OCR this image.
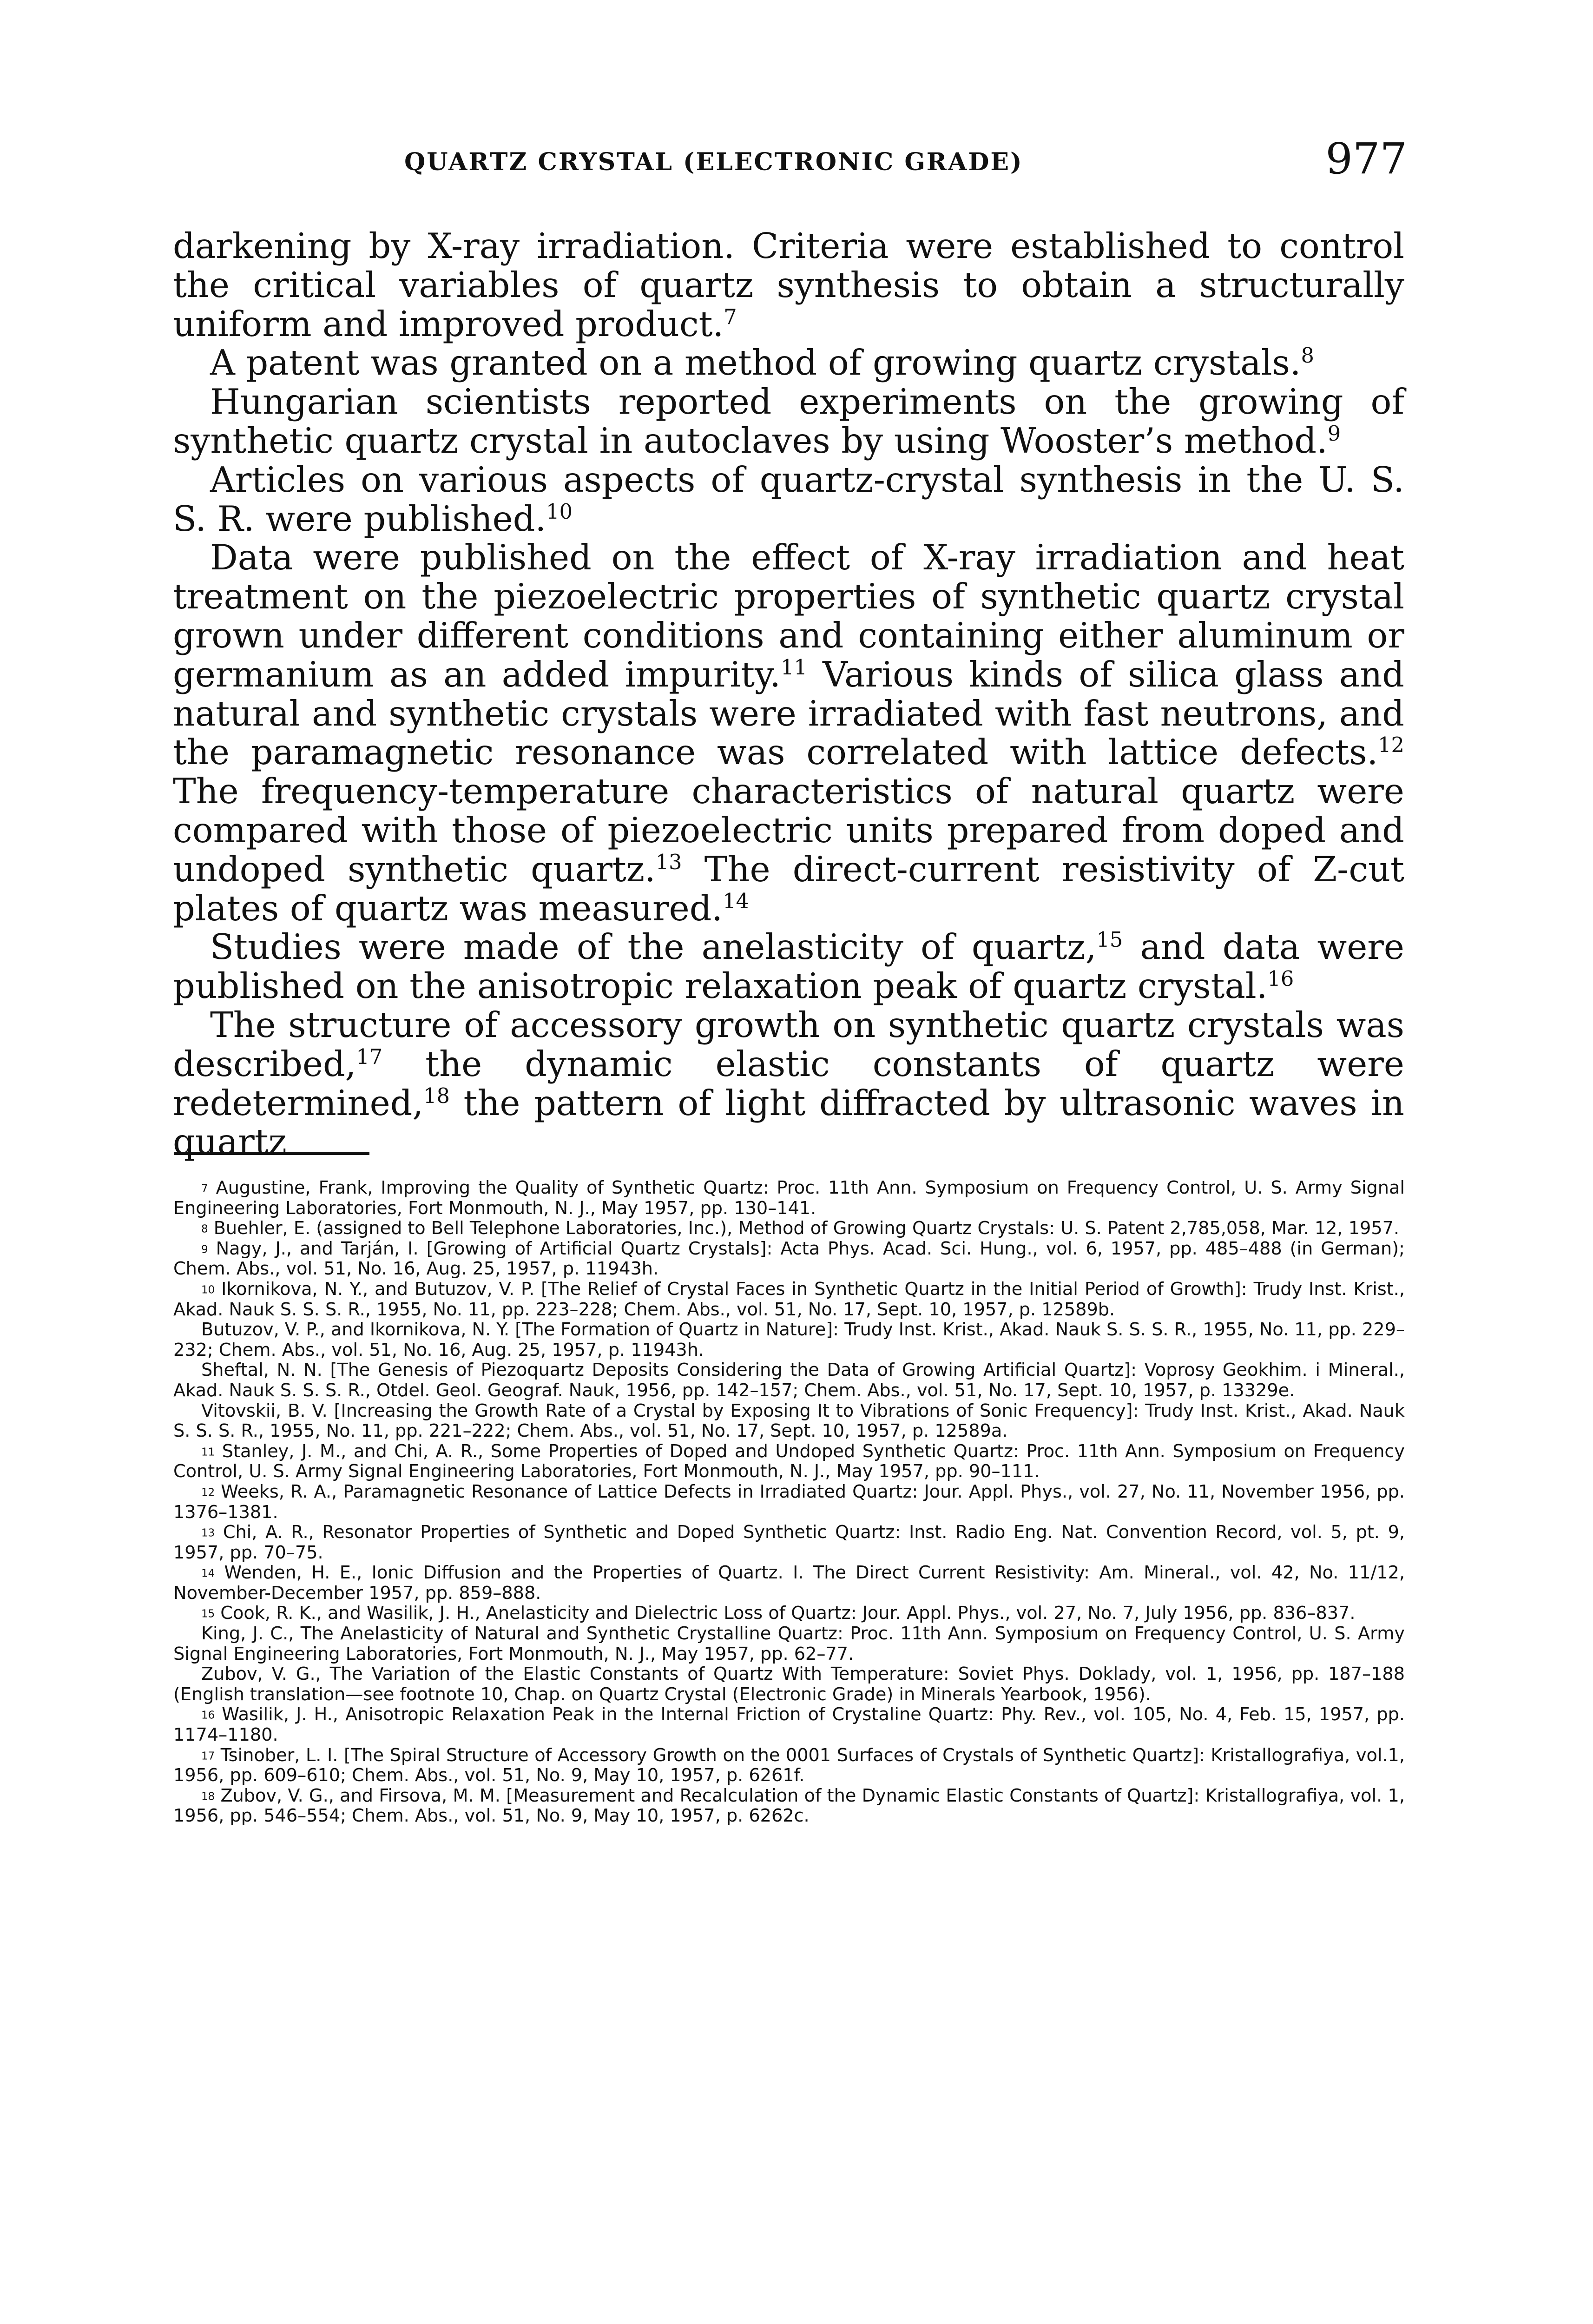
QUARTZ CRYSTAL (ELECTRONIC GRADE)	977

darkening by X-ray irradiation. Criteria were established to control the critical variables of quartz synthesis to obtain a structurally uniform and improved product.$^7$

A patent was granted on a method of growing quartz crystals.$^8$

Hungarian scientists reported experiments on the growing of synthetic quartz crystal in autoclaves by using Wooster’s method.$^9$

Articles on various aspects of quartz-crystal synthesis in the U. S. S. R. were published.$^{10}$

Data were published on the effect of X-ray irradiation and heat treatment on the piezoelectric properties of synthetic quartz crystal grown under different conditions and containing either aluminum or germanium as an added impurity.$^{11}$ Various kinds of silica glass and natural and synthetic crystals were irradiated with fast neutrons, and the paramagnetic resonance was correlated with lattice defects.$^{12}$ The frequency-temperature characteristics of natural quartz were compared with those of piezoelectric units prepared from doped and undoped synthetic quartz.$^{13}$ The direct-current resistivity of Z-cut plates of quartz was measured.$^{14}$

Studies were made of the anelasticity of quartz,$^{15}$ and data were published on the anisotropic relaxation peak of quartz crystal.$^{16}$

The structure of accessory growth on synthetic quartz crystals was described,$^{17}$ the dynamic elastic constants of quartz were redetermined,$^{18}$ the pattern of light diffracted by ultrasonic waves in quartz

7 Augustine, Frank, Improving the Quality of Synthetic Quartz: Proc. 11th Ann. Symposium on Frequency Control, U. S. Army Signal Engineering Laboratories, Fort Monmouth, N. J., May 1957, pp. 130–141.

8 Buehler, E. (assigned to Bell Telephone Laboratories, Inc.), Method of Growing Quartz Crystals: U. S. Patent 2,785,058, Mar. 12, 1957.

9 Nagy, J., and Tarján, I. [Growing of Artificial Quartz Crystals]: Acta Phys. Acad. Sci. Hung., vol. 6, 1957, pp. 485–488 (in German); Chem. Abs., vol. 51, No. 16, Aug. 25, 1957, p. 11943h.

10 Ikornikova, N. Y., and Butuzov, V. P. [The Relief of Crystal Faces in Synthetic Quartz in the Initial Period of Growth]: Trudy Inst. Krist., Akad. Nauk S. S. S. R., 1955, No. 11, pp. 223–228; Chem. Abs., vol. 51, No. 17, Sept. 10, 1957, p. 12589b.

Butuzov, V. P., and Ikornikova, N. Y. [The Formation of Quartz in Nature]: Trudy Inst. Krist., Akad. Nauk S. S. S. R., 1955, No. 11, pp. 229–232; Chem. Abs., vol. 51, No. 16, Aug. 25, 1957, p. 11943h.

Sheftal, N. N. [The Genesis of Piezoquartz Deposits Considering the Data of Growing Artificial Quartz]: Voprosy Geokhim. i Mineral., Akad. Nauk S. S. S. R., Otdel. Geol. Geograf. Nauk, 1956, pp. 142–157; Chem. Abs., vol. 51, No. 17, Sept. 10, 1957, p. 13329e.

Vitovskii, B. V. [Increasing the Growth Rate of a Crystal by Exposing It to Vibrations of Sonic Frequency]: Trudy Inst. Krist., Akad. Nauk S. S. S. R., 1955, No. 11, pp. 221–222; Chem. Abs., vol. 51, No. 17, Sept. 10, 1957, p. 12589a.

11 Stanley, J. M., and Chi, A. R., Some Properties of Doped and Undoped Synthetic Quartz: Proc. 11th Ann. Symposium on Frequency Control, U. S. Army Signal Engineering Laboratories, Fort Monmouth, N. J., May 1957, pp. 90–111.

12 Weeks, R. A., Paramagnetic Resonance of Lattice Defects in Irradiated Quartz: Jour. Appl. Phys., vol. 27, No. 11, November 1956, pp. 1376–1381.

13 Chi, A. R., Resonator Properties of Synthetic and Doped Synthetic Quartz: Inst. Radio Eng. Nat. Convention Record, vol. 5, pt. 9, 1957, pp. 70–75.

14 Wenden, H. E., Ionic Diffusion and the Properties of Quartz. I. The Direct Current Resistivity: Am. Mineral., vol. 42, No. 11/12, November-December 1957, pp. 859–888.

15 Cook, R. K., and Wasilik, J. H., Anelasticity and Dielectric Loss of Quartz: Jour. Appl. Phys., vol. 27, No. 7, July 1956, pp. 836–837.

King, J. C., The Anelasticity of Natural and Synthetic Crystalline Quartz: Proc. 11th Ann. Symposium on Frequency Control, U. S. Army Signal Engineering Laboratories, Fort Monmouth, N. J., May 1957, pp. 62–77.

Zubov, V. G., The Variation of the Elastic Constants of Quartz With Temperature: Soviet Phys. Doklady, vol. 1, 1956, pp. 187–188 (English translation—see footnote 10, Chap. on Quartz Crystal (Electronic Grade) in Minerals Yearbook, 1956).

16 Wasilik, J. H., Anisotropic Relaxation Peak in the Internal Friction of Crystaline Quartz: Phy. Rev., vol. 105, No. 4, Feb. 15, 1957, pp. 1174–1180.

17 Tsinober, L. I. [The Spiral Structure of Accessory Growth on the 0001 Surfaces of Crystals of Synthetic Quartz]: Kristallografiya, vol.1, 1956, pp. 609–610; Chem. Abs., vol. 51, No. 9, May 10, 1957, p. 6261f.

18 Zubov, V. G., and Firsova, M. M. [Measurement and Recalculation of the Dynamic Elastic Constants of Quartz]: Kristallografiya, vol. 1, 1956, pp. 546–554; Chem. Abs., vol. 51, No. 9, May 10, 1957, p. 6262c.
